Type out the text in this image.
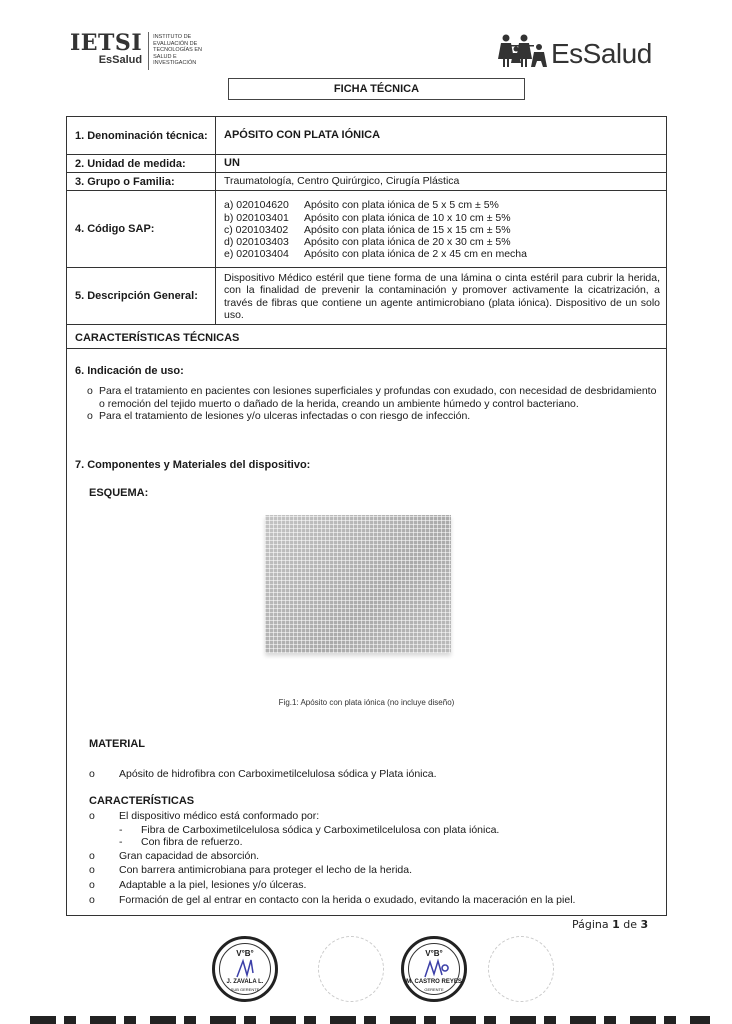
IETSI
EsSalud
INSTITUTO DE EVALUACIÓN DE TECNOLOGÍAS EN SALUD E INVESTIGACIÓN	EsSalud
FICHA TÉCNICA
1. Denominación técnica:	APÓSITO CON PLATA IÓNICA
2. Unidad de medida:	UN
3. Grupo o Familia:	Traumatología, Centro Quirúrgico, Cirugía Plástica
4. Código SAP:
a) 020104620	Apósito con plata iónica de 5 x 5 cm ± 5%
b) 020103401	Apósito con plata iónica de 10 x 10 cm ± 5%
c) 020103402	Apósito con plata iónica de 15 x 15 cm ± 5%
d) 020103403	Apósito con plata iónica de 20 x 30 cm ± 5%
e) 020103404	Apósito con plata iónica de 2 x 45 cm en mecha
5. Descripción General:
Dispositivo Médico estéril que tiene forma de una lámina o cinta estéril para cubrir la herida, con la finalidad de prevenir la contaminación y promover activamente la cicatrización, a través de fibras que contiene un agente antimicrobiano (plata iónica). Dispositivo de un solo uso.
CARACTERÍSTICAS TÉCNICAS
6. Indicación de uso:
o Para el tratamiento en pacientes con lesiones superficiales y profundas con exudado, con necesidad de desbridamiento o remoción del tejido muerto o dañado de la herida, creando un ambiente húmedo y control bacteriano.
o Para el tratamiento de lesiones y/o ulceras infectadas o con riesgo de infección.
7. Componentes y Materiales del dispositivo:
ESQUEMA:
Fig.1: Apósito con plata iónica (no incluye diseño)
MATERIAL
o Apósito de hidrofibra con Carboximetilcelulosa sódica y Plata iónica.
CARACTERÍSTICAS
o El dispositivo médico está conformado por:
- Fibra de Carboximetilcelulosa sódica y Carboximetilcelulosa con plata iónica.
- Con fibra de refuerzo.
o Gran capacidad de absorción.
o Con barrera antimicrobiana para proteger el lecho de la herida.
o Adaptable a la piel, lesiones y/o úlceras.
o Formación de gel al entrar en contacto con la herida o exudado, evitando la maceración en la piel.
Página 1 de 3
V°B°
J. ZAVALA L.
SUB GERENTE
V°B°
M. CASTRO REYES
GERENTE
